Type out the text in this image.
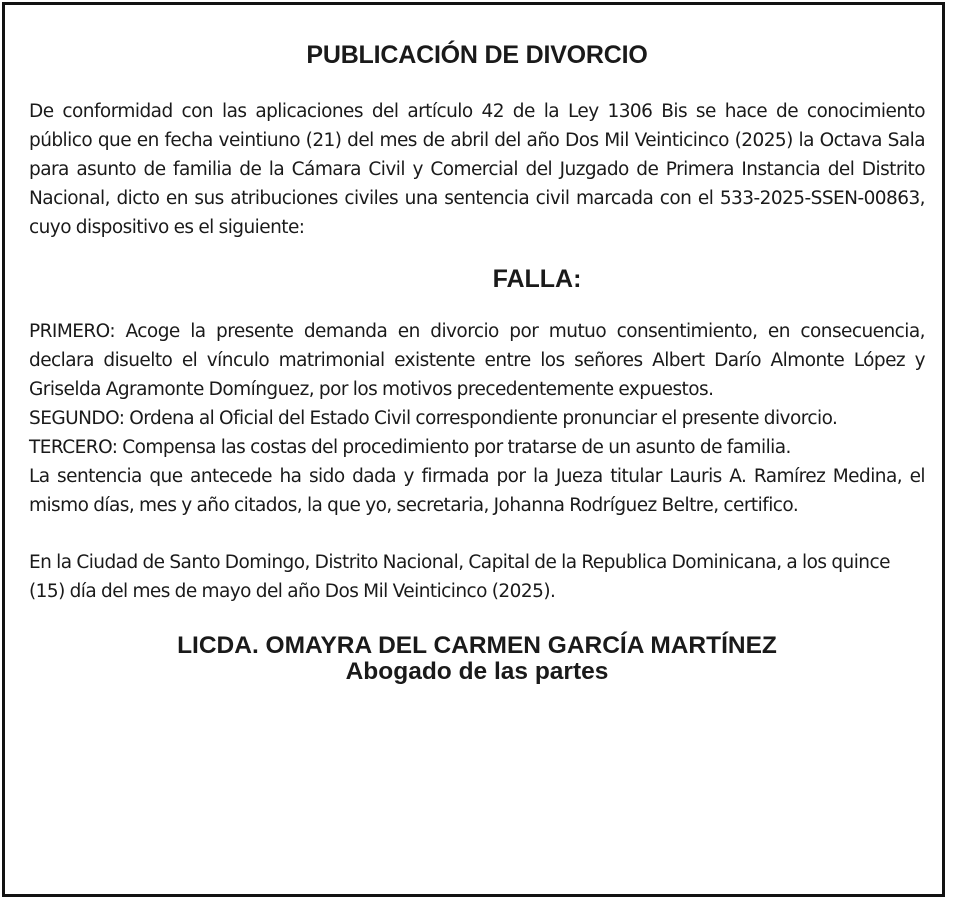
PUBLICACIÓN DE DIVORCIO

De conformidad con las aplicaciones del artículo 42 de la Ley 1306 Bis se hace de conocimiento público que en fecha veintiuno (21) del mes de abril del año Dos Mil Veinticinco (2025) la Octava Sala para asunto de familia de la Cámara Civil y Comercial del Juzgado de Primera Instancia del Distrito Nacional, dicto en sus atribuciones civiles una sentencia civil marcada con el 533-2025-SSEN-00863, cuyo dispositivo es el siguiente:

FALLA:

PRIMERO: Acoge la presente demanda en divorcio por mutuo consentimiento, en consecuencia, declara disuelto el vínculo matrimonial existente entre los señores Albert Darío Almonte López y Griselda Agramonte Domínguez, por los motivos precedentemente expuestos.

SEGUNDO: Ordena al Oficial del Estado Civil correspondiente pronunciar el presente divorcio.

TERCERO: Compensa las costas del procedimiento por tratarse de un asunto de familia.

La sentencia que antecede ha sido dada y firmada por la Jueza titular Lauris A. Ramírez Medina, el mismo días, mes y año citados, la que yo, secretaria, Johanna Rodríguez Beltre, certifico.

En la Ciudad de Santo Domingo, Distrito Nacional, Capital de la Republica Dominicana, a los quince (15) día del mes de mayo del año Dos Mil Veinticinco (2025).

LICDA. OMAYRA DEL CARMEN GARCÍA MARTÍNEZ
Abogado de las partes
